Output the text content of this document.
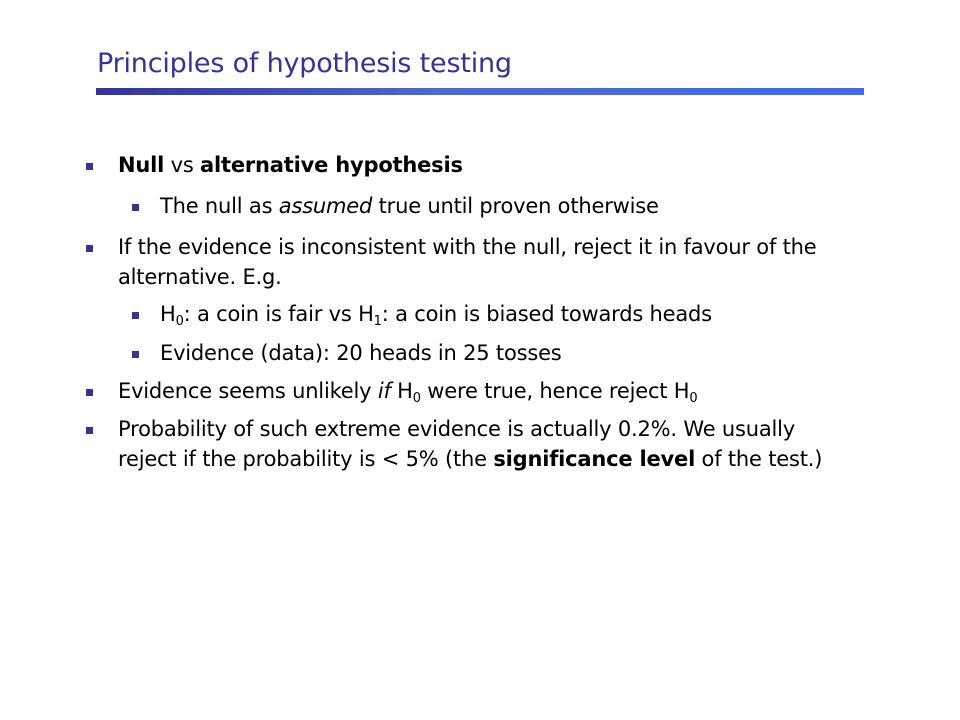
Principles of hypothesis testing
Null vs alternative hypothesis
The null as assumed true until proven otherwise
If the evidence is inconsistent with the null, reject it in favour of the
alternative. E.g.
$H_0$: a coin is fair vs $H_1$: a coin is biased towards heads
Evidence (data): 20 heads in 25 tosses
Evidence seems unlikely if $H_0$ were true, hence reject $H_0$
Probability of such extreme evidence is actually 0.2%. We usually
reject if the probability is < 5% (the significance level of the test.)
